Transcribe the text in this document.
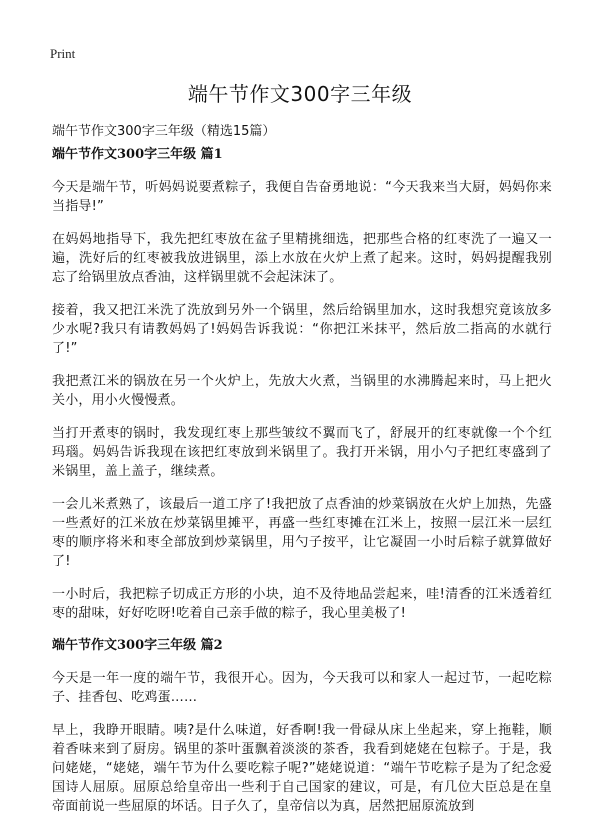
Print
端午节作文300字三年级

端午节作文300字三年级（精选15篇）

端午节作文300字三年级 篇1

今天是端午节，听妈妈说要煮粽子，我便自告奋勇地说：“今天我来当大厨，妈妈你来当指导!”

在妈妈地指导下，我先把红枣放在盆子里精挑细选，把那些合格的红枣洗了一遍又一遍，洗好后的红枣被我放进锅里，添上水放在火炉上煮了起来。这时，妈妈提醒我别忘了给锅里放点香油，这样锅里就不会起沫沫了。

接着，我又把江米洗了洗放到另外一个锅里，然后给锅里加水，这时我想究竟该放多少水呢?我只有请教妈妈了!妈妈告诉我说：“你把江米抹平，然后放二指高的水就行了!”

我把煮江米的锅放在另一个火炉上，先放大火煮，当锅里的水沸腾起来时，马上把火关小，用小火慢慢煮。

当打开煮枣的锅时，我发现红枣上那些皱纹不翼而飞了，舒展开的红枣就像一个个红玛瑙。妈妈告诉我现在该把红枣放到米锅里了。我打开米锅，用小勺子把红枣盛到了米锅里，盖上盖子，继续煮。

一会儿米煮熟了，该最后一道工序了!我把放了点香油的炒菜锅放在火炉上加热，先盛一些煮好的江米放在炒菜锅里摊平，再盛一些红枣摊在江米上，按照一层江米一层红枣的顺序将米和枣全部放到炒菜锅里，用勺子按平，让它凝固一小时后粽子就算做好了!

一小时后，我把粽子切成正方形的小块，迫不及待地品尝起来，哇!清香的江米透着红枣的甜味，好好吃呀!吃着自己亲手做的粽子，我心里美极了!

端午节作文300字三年级 篇2

今天是一年一度的端午节，我很开心。因为，今天我可以和家人一起过节，一起吃粽子、挂香包、吃鸡蛋……

早上，我睁开眼睛。咦?是什么味道，好香啊!我一骨碌从床上坐起来，穿上拖鞋，顺着香味来到了厨房。锅里的茶叶蛋飘着淡淡的茶香，我看到姥姥在包粽子。于是，我问姥姥，“姥姥，端午节为什么要吃粽子呢?”姥姥说道：“端午节吃粽子是为了纪念爱国诗人屈原。屈原总给皇帝出一些利于自己国家的建议，可是，有几位大臣总是在皇帝面前说一些屈原的坏话。日子久了，皇帝信以为真，居然把屈原流放到
